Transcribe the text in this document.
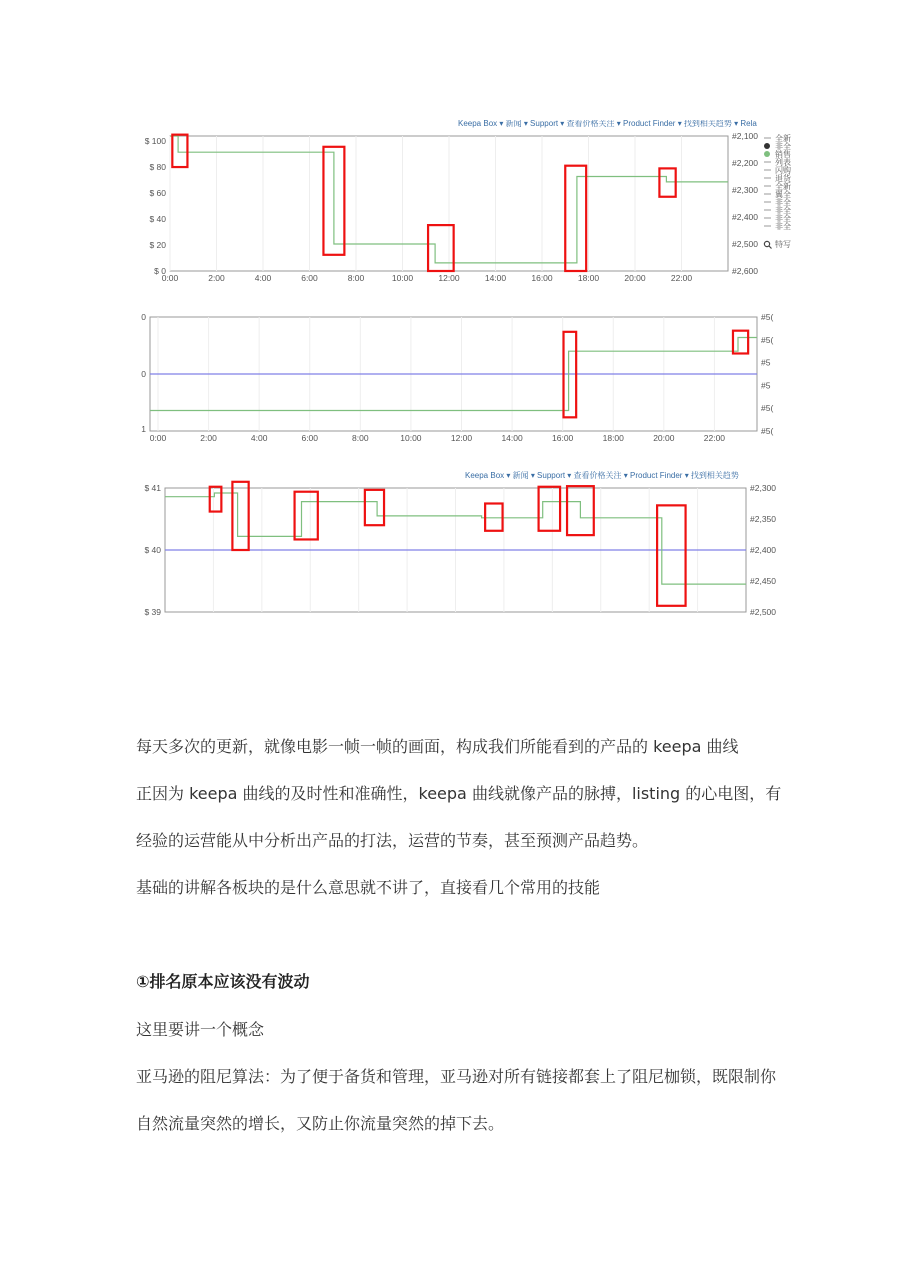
Keepa Box ▾ 新闻 ▾ Support ▾ 查看价格关注 ▾ Product Finder ▾ 找到相关趋势 ▾ Rela
0:00	2:00	4:00	6:00	8:00	10:00	12:00	14:00	16:00	18:00	20:00	22:00
$ 100
$ 80
$ 60
$ 40
$ 20
$ 0
#2,100
#2,200
#2,300
#2,400
#2,500
#2,600
全新
非全
销售
列表
闪购
退货
全新
翼全
非全
非全
非全
非全
特写
0:00	2:00	4:00	6:00	8:00	10:00	12:00	14:00	16:00	18:00	20:00	22:00
0
0
1
#5(
#5(
#5
#5
#5(
#5(
Keepa Box ▾ 新闻 ▾ Support ▾ 查看价格关注 ▾ Product Finder ▾ 找到相关趋势
$ 41
$ 40
$ 39
#2,300
#2,350
#2,400
#2,450
#2,500
每天多次的更新，就像电影一帧一帧的画面，构成我们所能看到的产品的 keepa 曲线
正因为 keepa 曲线的及时性和准确性，keepa 曲线就像产品的脉搏，listing 的心电图，有
经验的运营能从中分析出产品的打法，运营的节奏，甚至预测产品趋势。
基础的讲解各板块的是什么意思就不讲了，直接看几个常用的技能
①排名原本应该没有波动
这里要讲一个概念
亚马逊的阻尼算法：为了便于备货和管理，亚马逊对所有链接都套上了阻尼枷锁，既限制你
自然流量突然的增长，又防止你流量突然的掉下去。
